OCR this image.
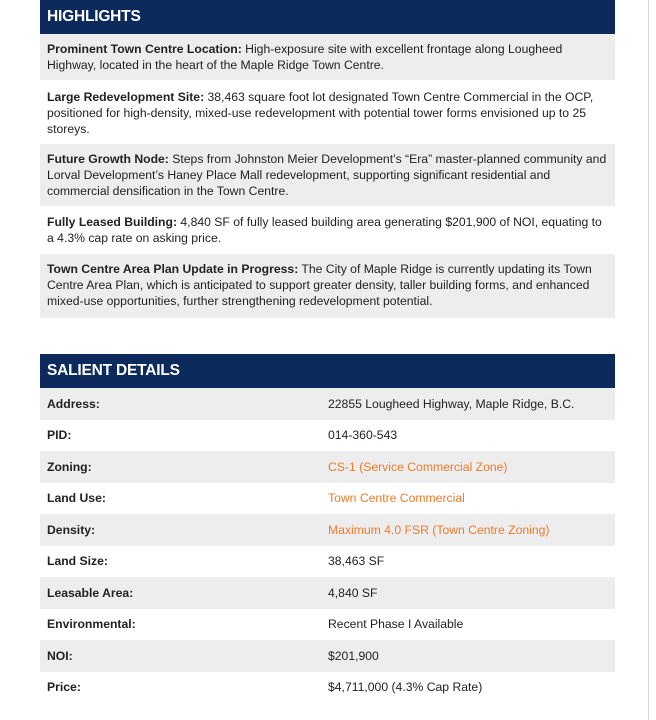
HIGHLIGHTS
Prominent Town Centre Location: High-exposure site with excellent frontage along Lougheed Highway, located in the heart of the Maple Ridge Town Centre.
Large Redevelopment Site: 38,463 square foot lot designated Town Centre Commercial in the OCP, positioned for high-density, mixed-use redevelopment with potential tower forms envisioned up to 25 storeys.
Future Growth Node: Steps from Johnston Meier Development’s “Era” master-planned community and Lorval Development’s Haney Place Mall redevelopment, supporting significant residential and commercial densification in the Town Centre.
Fully Leased Building: 4,840 SF of fully leased building area generating $201,900 of NOI, equating to a 4.3% cap rate on asking price.
Town Centre Area Plan Update in Progress: The City of Maple Ridge is currently updating its Town Centre Area Plan, which is anticipated to support greater density, taller building forms, and enhanced mixed-use opportunities, further strengthening redevelopment potential.
SALIENT DETAILS
Address:	22855 Lougheed Highway, Maple Ridge, B.C.
PID:	014-360-543
Zoning:	CS-1 (Service Commercial Zone)
Land Use:	Town Centre Commercial
Density:	Maximum 4.0 FSR (Town Centre Zoning)
Land Size:	38,463 SF
Leasable Area:	4,840 SF
Environmental:	Recent Phase I Available
NOI:	$201,900
Price:	$4,711,000 (4.3% Cap Rate)
